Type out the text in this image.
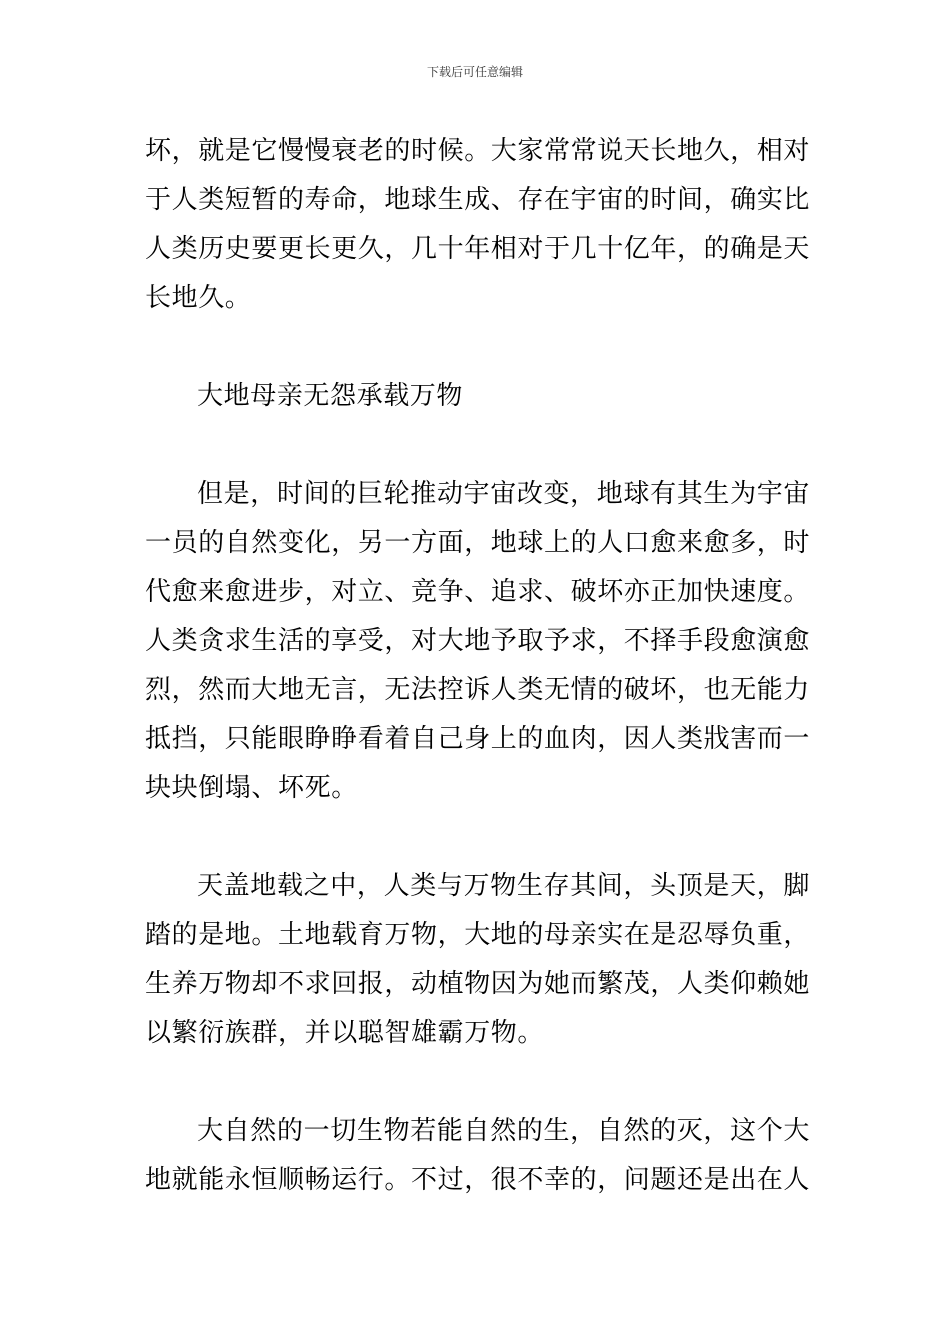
下载后可任意编辑

坏，就是它慢慢衰老的时候。大家常常说天长地久，相对于人类短暂的寿命，地球生成、存在宇宙的时间，确实比人类历史要更长更久，几十年相对于几十亿年，的确是天长地久。

大地母亲无怨承载万物

但是，时间的巨轮推动宇宙改变，地球有其生为宇宙一员的自然变化，另一方面，地球上的人口愈来愈多，时代愈来愈进步，对立、竞争、追求、破坏亦正加快速度。人类贪求生活的享受，对大地予取予求，不择手段愈演愈烈，然而大地无言，无法控诉人类无情的破坏，也无能力抵挡，只能眼睁睁看着自己身上的血肉，因人类戕害而一块块倒塌、坏死。

天盖地载之中，人类与万物生存其间，头顶是天，脚踏的是地。土地载育万物，大地的母亲实在是忍辱负重，生养万物却不求回报，动植物因为她而繁茂，人类仰赖她以繁衍族群，并以聪智雄霸万物。

大自然的一切生物若能自然的生，自然的灭，这个大地就能永恒顺畅运行。不过，很不幸的，问题还是出在人
